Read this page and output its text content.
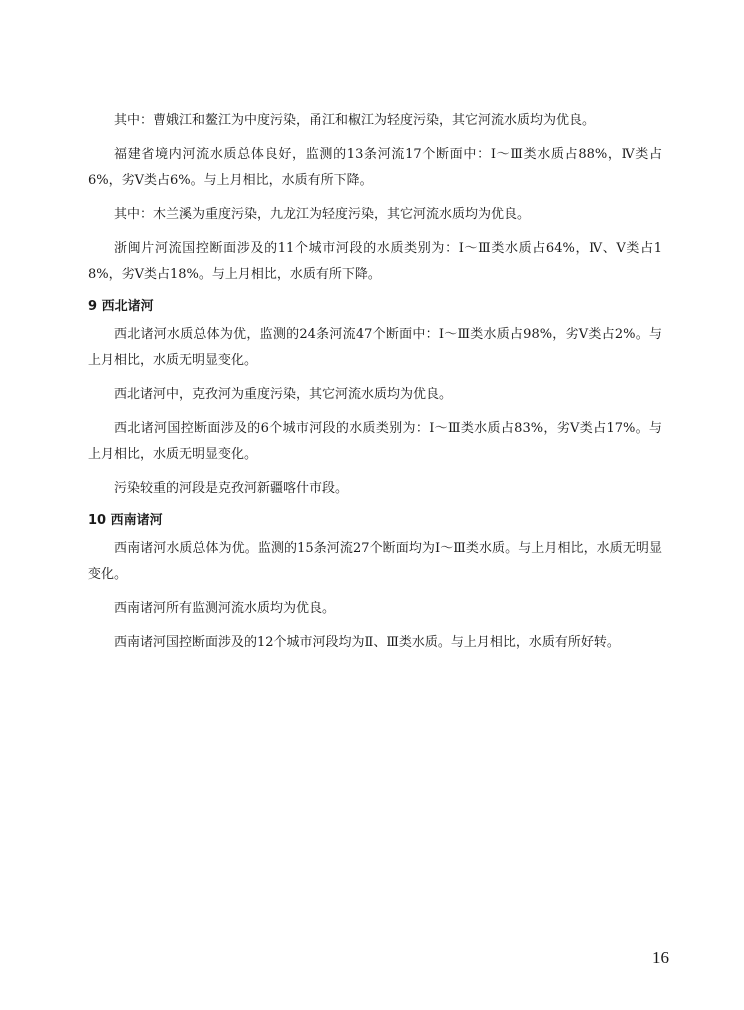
其中：曹娥江和鳌江为中度污染，甬江和椒江为轻度污染，其它河流水质均为优良。

福建省境内河流水质总体良好，监测的13条河流17个断面中：Ⅰ～Ⅲ类水质占88%，Ⅳ类占6%，劣Ⅴ类占6%。与上月相比，水质有所下降。

其中：木兰溪为重度污染，九龙江为轻度污染，其它河流水质均为优良。

浙闽片河流国控断面涉及的11个城市河段的水质类别为：Ⅰ～Ⅲ类水质占64%，Ⅳ、Ⅴ类占18%，劣Ⅴ类占18%。与上月相比，水质有所下降。

9 西北诸河

西北诸河水质总体为优，监测的24条河流47个断面中：Ⅰ～Ⅲ类水质占98%，劣Ⅴ类占2%。与上月相比，水质无明显变化。

西北诸河中，克孜河为重度污染，其它河流水质均为优良。

西北诸河国控断面涉及的6个城市河段的水质类别为：Ⅰ～Ⅲ类水质占83%，劣Ⅴ类占17%。与上月相比，水质无明显变化。

污染较重的河段是克孜河新疆喀什市段。

10 西南诸河

西南诸河水质总体为优。监测的15条河流27个断面均为Ⅰ～Ⅲ类水质。与上月相比，水质无明显变化。

西南诸河所有监测河流水质均为优良。

西南诸河国控断面涉及的12个城市河段均为Ⅱ、Ⅲ类水质。与上月相比，水质有所好转。

16
